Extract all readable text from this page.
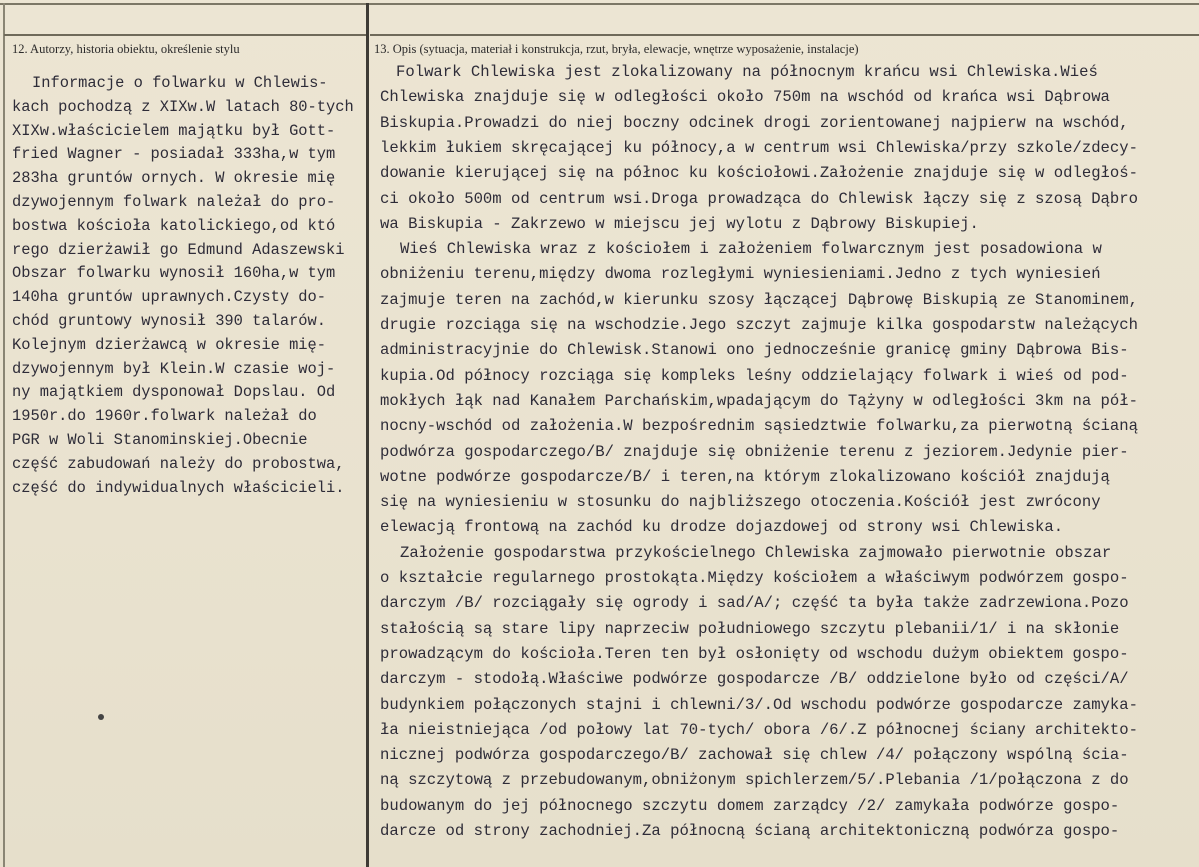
12. Autorzy, historia obiektu, określenie stylu	13. Opis (sytuacja, materiał i konstrukcja, rzut, bryła, elewacje, wnętrze wyposażenie, instalacje)
Informacje o folwarku w Chlewis-
kach pochodzą z XIXw.W latach 80-tych
XIXw.właścicielem majątku był Gott-
fried Wagner - posiadał 333ha,w tym
283ha gruntów ornych. W okresie mię
dzywojennym folwark należał do pro-
bostwa kościoła katolickiego,od któ
rego dzierżawił go Edmund Adaszewski
Obszar folwarku wynosił 160ha,w tym
140ha gruntów uprawnych.Czysty do-
chód gruntowy wynosił 390 talarów.
Kolejnym dzierżawcą w okresie mię-
dzywojennym był Klein.W czasie woj-
ny majątkiem dysponował Dopslau. Od
1950r.do 1960r.folwark należał do
PGR w Woli Stanominskiej.Obecnie
część zabudowań należy do probostwa,
część do indywidualnych właścicieli.
Folwark Chlewiska jest zlokalizowany na północnym krańcu wsi Chlewiska.Wieś
Chlewiska znajduje się w odległości około 750m na wschód od krańca wsi Dąbrowa
Biskupia.Prowadzi do niej boczny odcinek drogi zorientowanej najpierw na wschód,
lekkim łukiem skręcającej ku północy,a w centrum wsi Chlewiska/przy szkole/zdecy-
dowanie kierującej się na północ ku kościołowi.Założenie znajduje się w odległoś-
ci około 500m od centrum wsi.Droga prowadząca do Chlewisk łączy się z szosą Dąbro
wa Biskupia - Zakrzewo w miejscu jej wylotu z Dąbrowy Biskupiej.
Wieś Chlewiska wraz z kościołem i założeniem folwarcznym jest posadowiona w
obniżeniu terenu,między dwoma rozległymi wyniesieniami.Jedno z tych wyniesień
zajmuje teren na zachód,w kierunku szosy łączącej Dąbrowę Biskupią ze Stanominem,
drugie rozciąga się na wschodzie.Jego szczyt zajmuje kilka gospodarstw należących
administracyjnie do Chlewisk.Stanowi ono jednocześnie granicę gminy Dąbrowa Bis-
kupia.Od północy rozciąga się kompleks leśny oddzielający folwark i wieś od pod-
mokłych łąk nad Kanałem Parchańskim,wpadającym do Tążyny w odległości 3km na pół-
nocny-wschód od założenia.W bezpośrednim sąsiedztwie folwarku,za pierwotną ścianą
podwórza gospodarczego/B/ znajduje się obniżenie terenu z jeziorem.Jedynie pier-
wotne podwórze gospodarcze/B/ i teren,na którym zlokalizowano kościół znajdują
się na wyniesieniu w stosunku do najbliższego otoczenia.Kościół jest zwrócony
elewacją frontową na zachód ku drodze dojazdowej od strony wsi Chlewiska.
Założenie gospodarstwa przykościelnego Chlewiska zajmowało pierwotnie obszar
o kształcie regularnego prostokąta.Między kościołem a właściwym podwórzem gospo-
darczym /B/ rozciągały się ogrody i sad/A/; część ta była także zadrzewiona.Pozo
stałością są stare lipy naprzeciw południowego szczytu plebanii/1/ i na skłonie
prowadzącym do kościoła.Teren ten był osłonięty od wschodu dużym obiektem gospo-
darczym - stodołą.Właściwe podwórze gospodarcze /B/ oddzielone było od części/A/
budynkiem połączonych stajni i chlewni/3/.Od wschodu podwórze gospodarcze zamyka-
ła nieistniejąca /od połowy lat 70-tych/ obora /6/.Z północnej ściany architekto-
nicznej podwórza gospodarczego/B/ zachował się chlew /4/ połączony wspólną ścia-
ną szczytową z przebudowanym,obniżonym spichlerzem/5/.Plebania /1/połączona z do
budowanym do jej północnego szczytu domem zarządcy /2/ zamykała podwórze gospo-
darcze od strony zachodniej.Za północną ścianą architektoniczną podwórza gospo-
